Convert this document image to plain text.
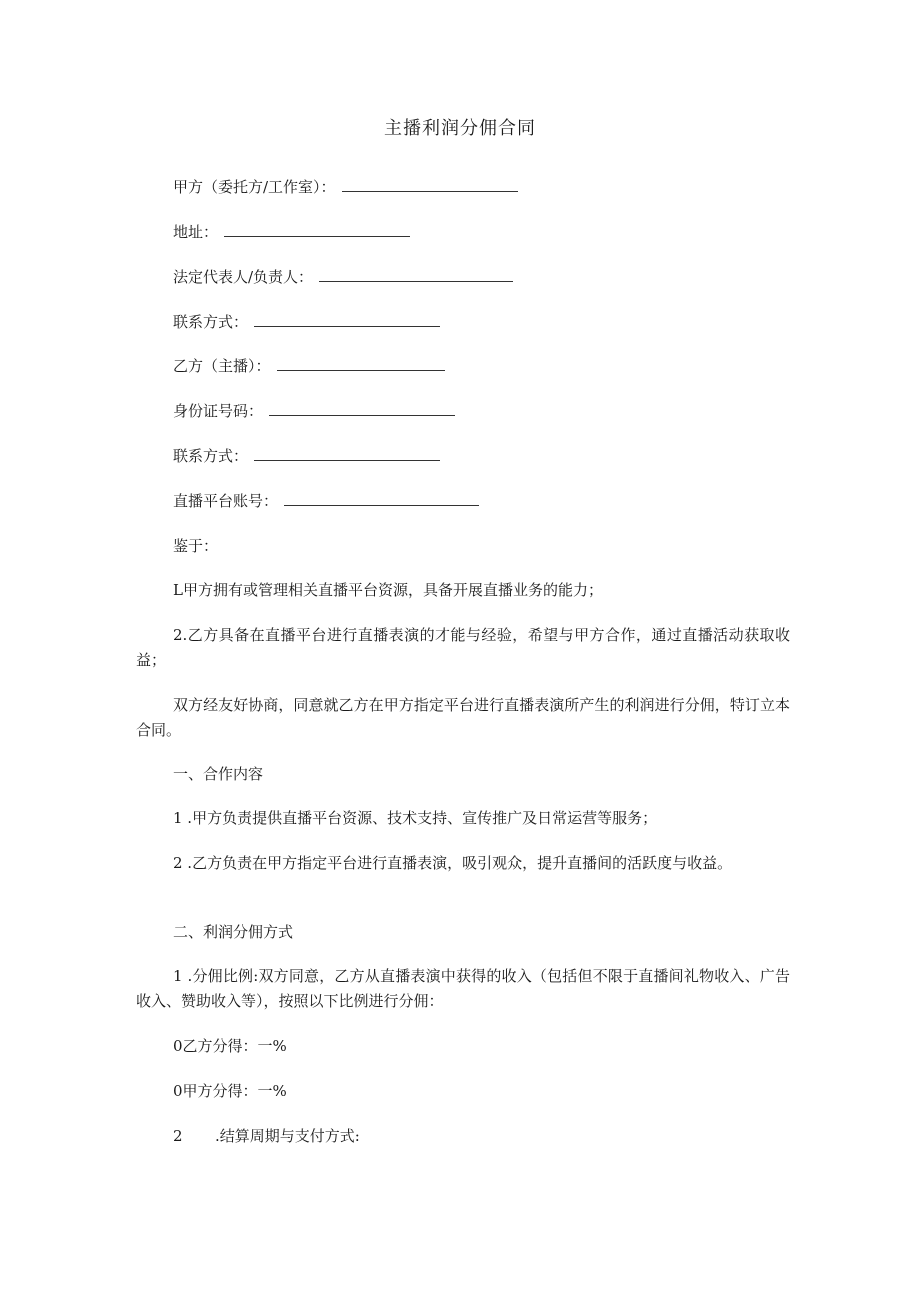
主播利润分佣合同
甲方（委托方/工作室）：
地址：
法定代表人/负责人：
联系方式：
乙方（主播）：
身份证号码：
联系方式：
直播平台账号：
鉴于：
L甲方拥有或管理相关直播平台资源，具备开展直播业务的能力；
2.乙方具备在直播平台进行直播表演的才能与经验，希望与甲方合作，通过直播活动获取收益；
双方经友好协商，同意就乙方在甲方指定平台进行直播表演所产生的利润进行分佣，特订立本合同。
一、合作内容
1 .甲方负责提供直播平台资源、技术支持、宣传推广及日常运营等服务；
2 .乙方负责在甲方指定平台进行直播表演，吸引观众，提升直播间的活跃度与收益。
二、利润分佣方式
1 .分佣比例:双方同意，乙方从直播表演中获得的收入（包括但不限于直播间礼物收入、广告收入、赞助收入等），按照以下比例进行分佣：
0乙方分得：一%
0甲方分得：一%
2 .结算周期与支付方式:
